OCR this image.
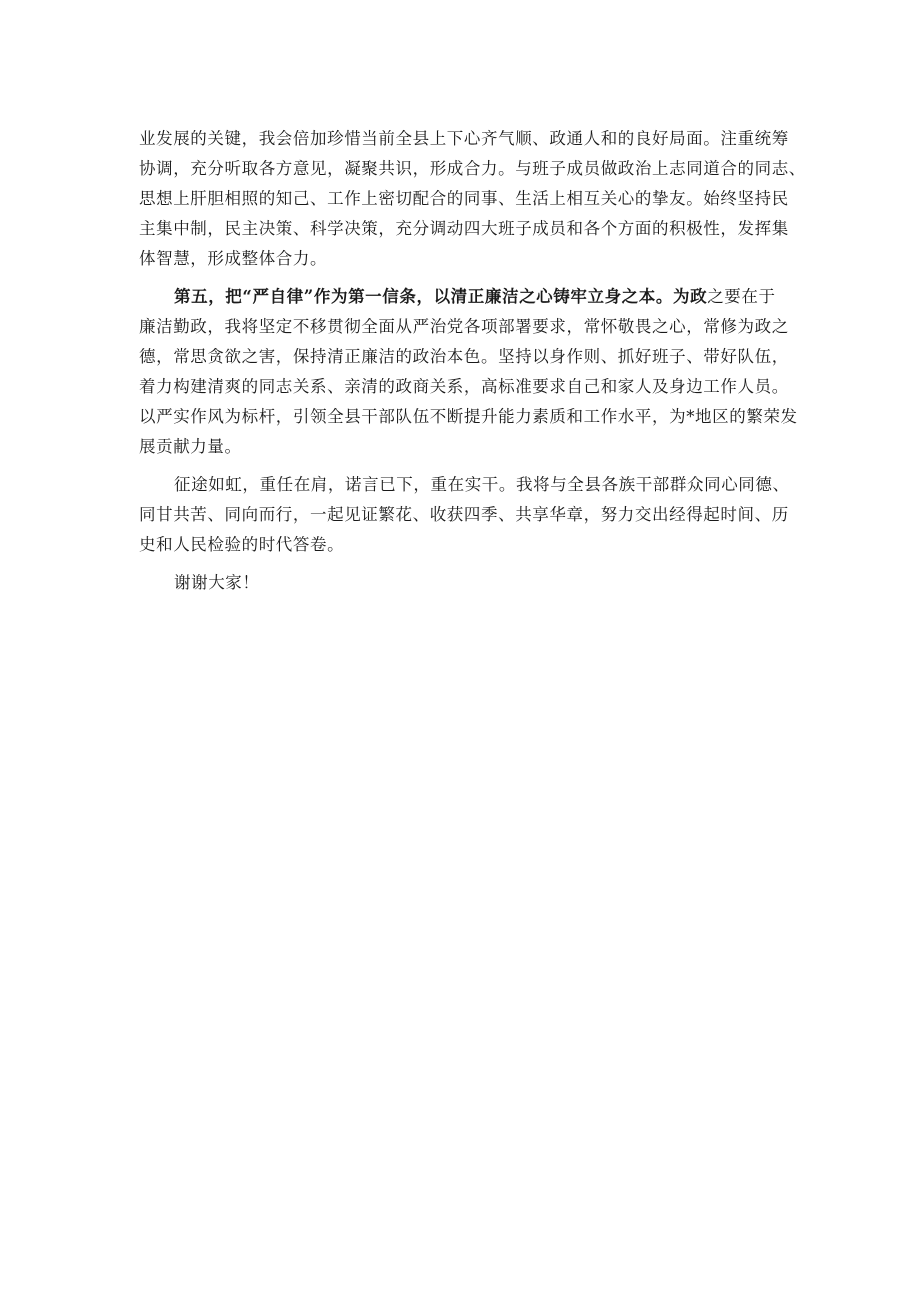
业发展的关键，我会倍加珍惜当前全县上下心齐气顺、政通人和的良好局面。注重统筹
协调，充分听取各方意见，凝聚共识，形成合力。与班子成员做政治上志同道合的同志、
思想上肝胆相照的知己、工作上密切配合的同事、生活上相互关心的挚友。始终坚持民
主集中制，民主决策、科学决策，充分调动四大班子成员和各个方面的积极性，发挥集
体智慧，形成整体合力。

第五，把“严自律”作为第一信条，以清正廉洁之心铸牢立身之本。为政之要在于
廉洁勤政，我将坚定不移贯彻全面从严治党各项部署要求，常怀敬畏之心，常修为政之
德，常思贪欲之害，保持清正廉洁的政治本色。坚持以身作则、抓好班子、带好队伍，
着力构建清爽的同志关系、亲清的政商关系，高标准要求自己和家人及身边工作人员。
以严实作风为标杆，引领全县干部队伍不断提升能力素质和工作水平，为*地区的繁荣发
展贡献力量。

征途如虹，重任在肩，诺言已下，重在实干。我将与全县各族干部群众同心同德、
同甘共苦、同向而行，一起见证繁花、收获四季、共享华章，努力交出经得起时间、历
史和人民检验的时代答卷。

谢谢大家！
